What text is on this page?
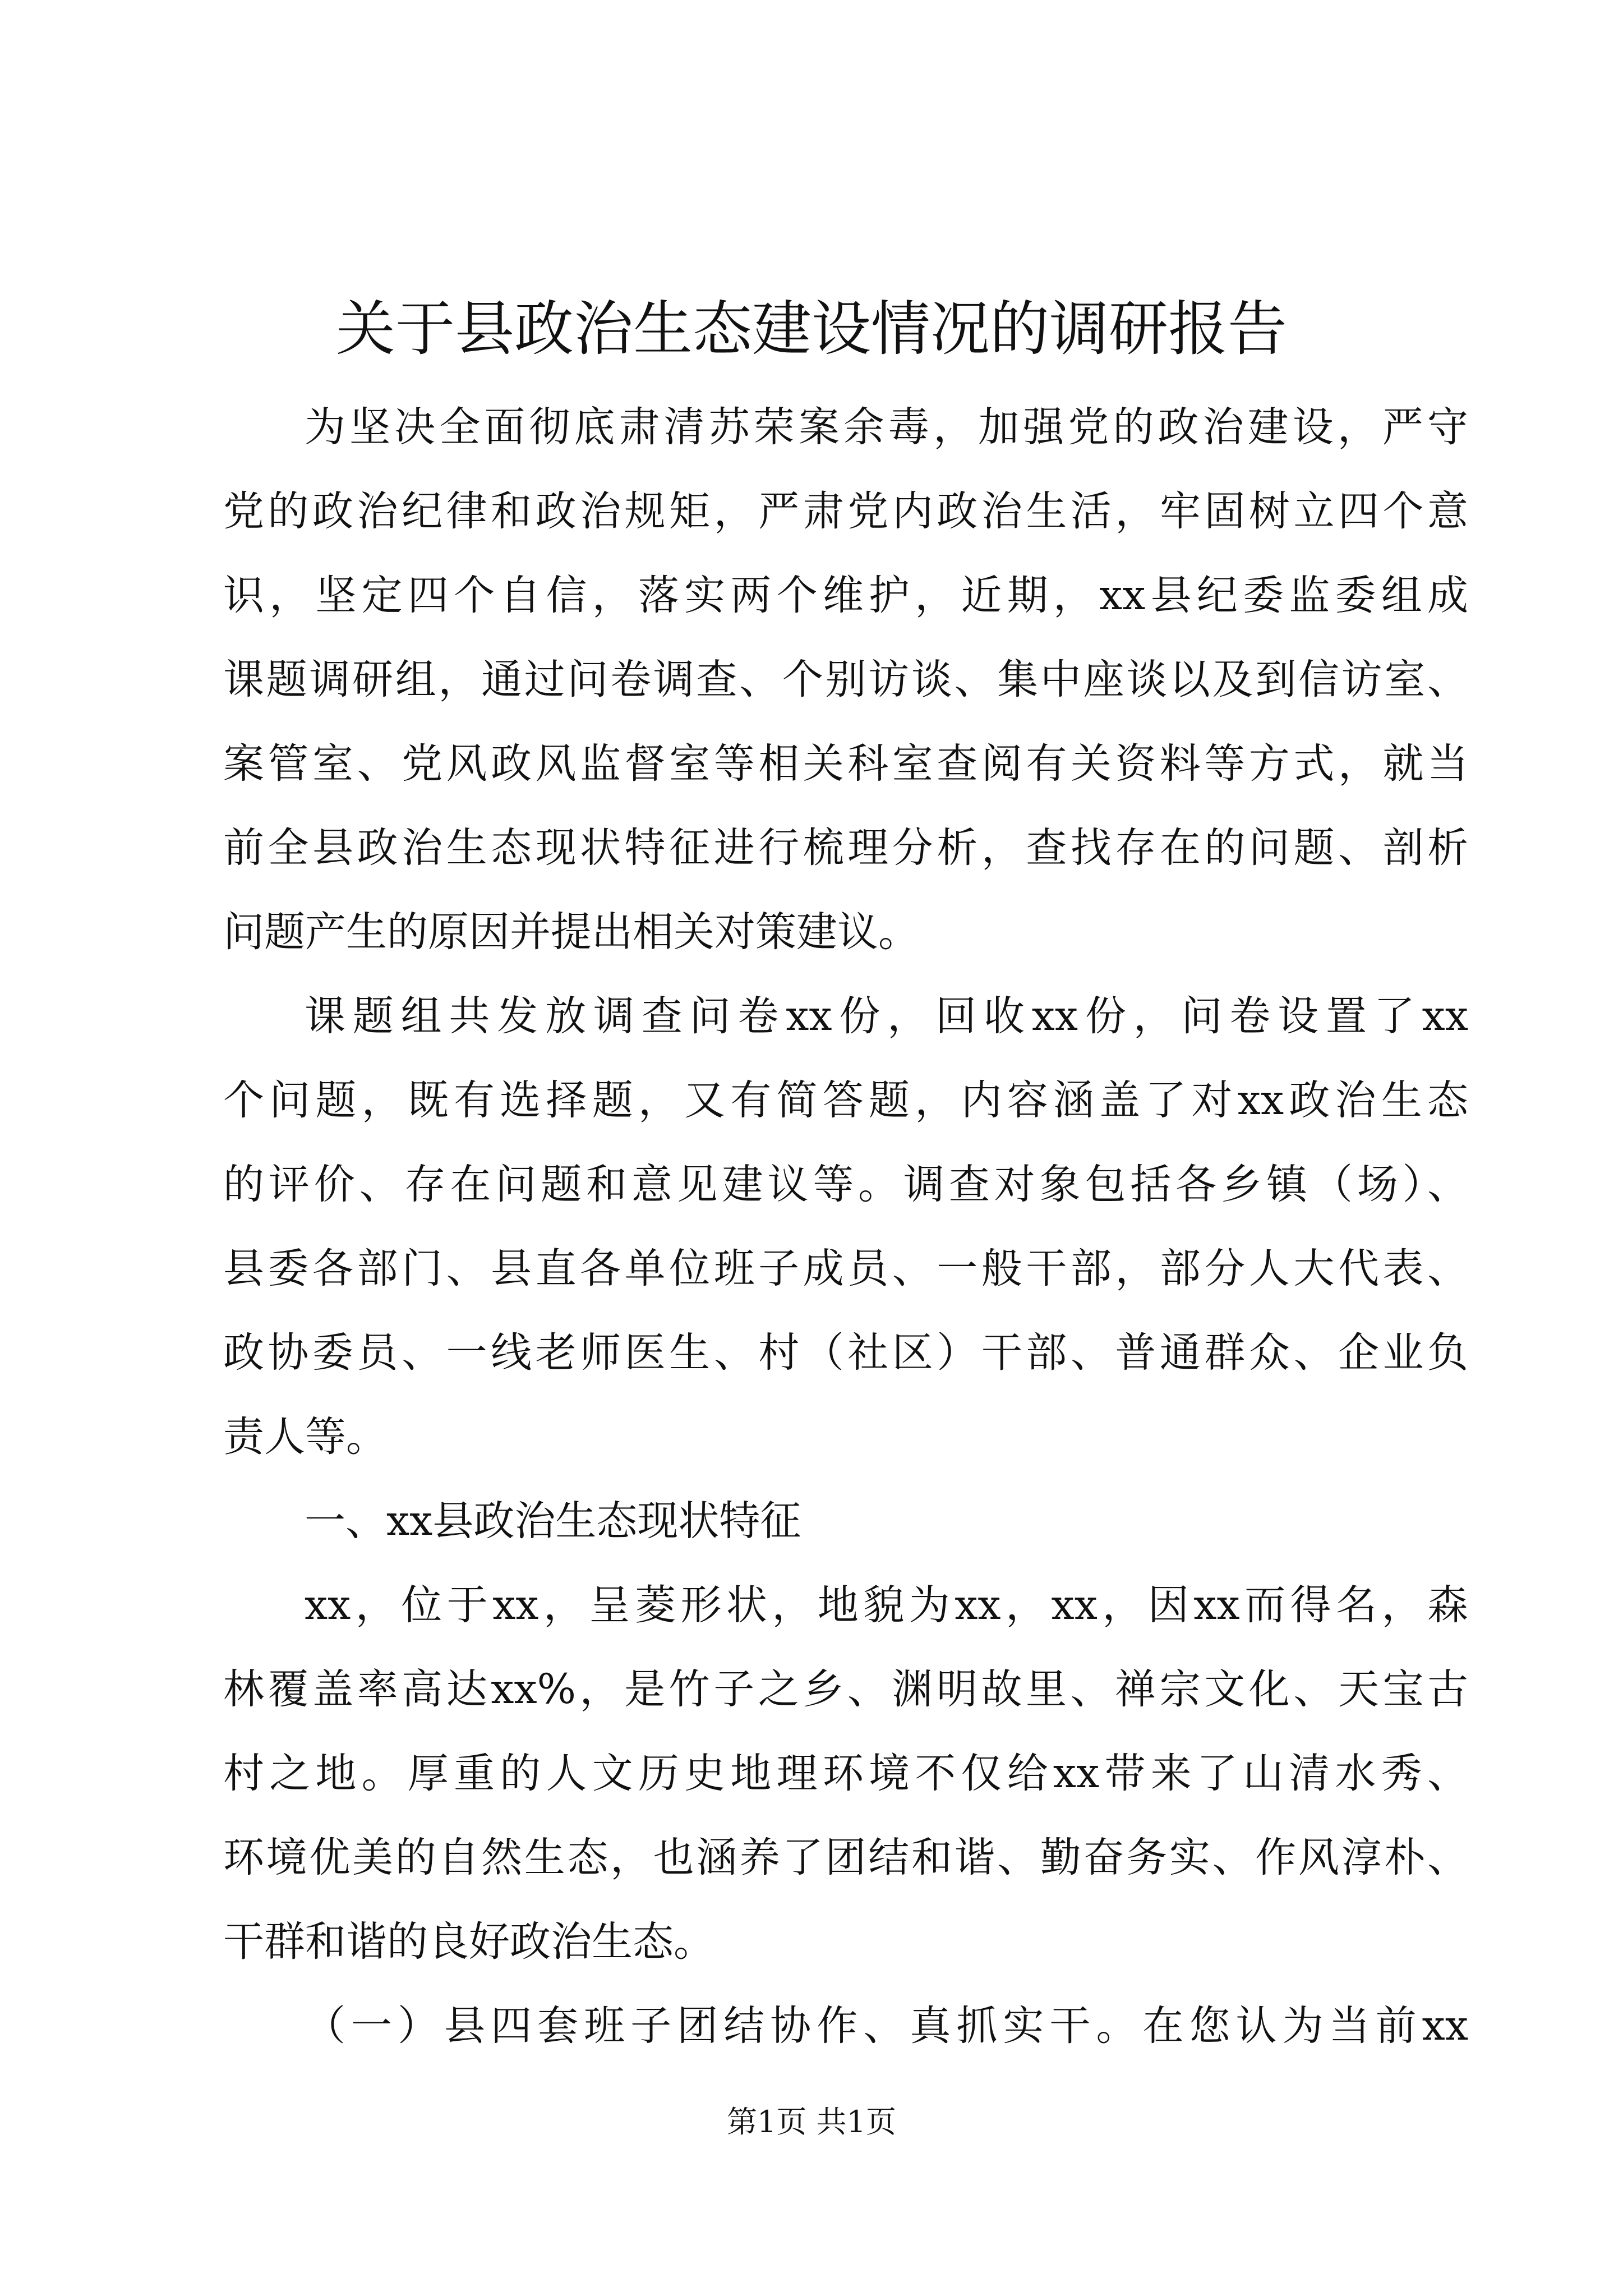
关于县政治生态建设情况的调研报告

为坚决全面彻底肃清苏荣案余毒，加强党的政治建设，严守

党的政治纪律和政治规矩，严肃党内政治生活，牢固树立四个意

识，坚定四个自信，落实两个维护，近期，xx县纪委监委组成

课题调研组，通过问卷调查、个别访谈、集中座谈以及到信访室、

案管室、党风政风监督室等相关科室查阅有关资料等方式，就当

前全县政治生态现状特征进行梳理分析，查找存在的问题、剖析

问题产生的原因并提出相关对策建议。

课题组共发放调查问卷xx份，回收xx份，问卷设置了xx

个问题，既有选择题，又有简答题，内容涵盖了对xx政治生态

的评价、存在问题和意见建议等。调查对象包括各乡镇（场）、

县委各部门、县直各单位班子成员、一般干部，部分人大代表、

政协委员、一线老师医生、村（社区）干部、普通群众、企业负

责人等。

一、xx县政治生态现状特征

xx，位于xx，呈菱形状，地貌为xx，xx，因xx而得名，森

林覆盖率高达xx%，是竹子之乡、渊明故里、禅宗文化、天宝古

村之地。厚重的人文历史地理环境不仅给xx带来了山清水秀、

环境优美的自然生态，也涵养了团结和谐、勤奋务实、作风淳朴、

干群和谐的良好政治生态。

（一）县四套班子团结协作、真抓实干。在您认为当前xx

第1页 共1页
